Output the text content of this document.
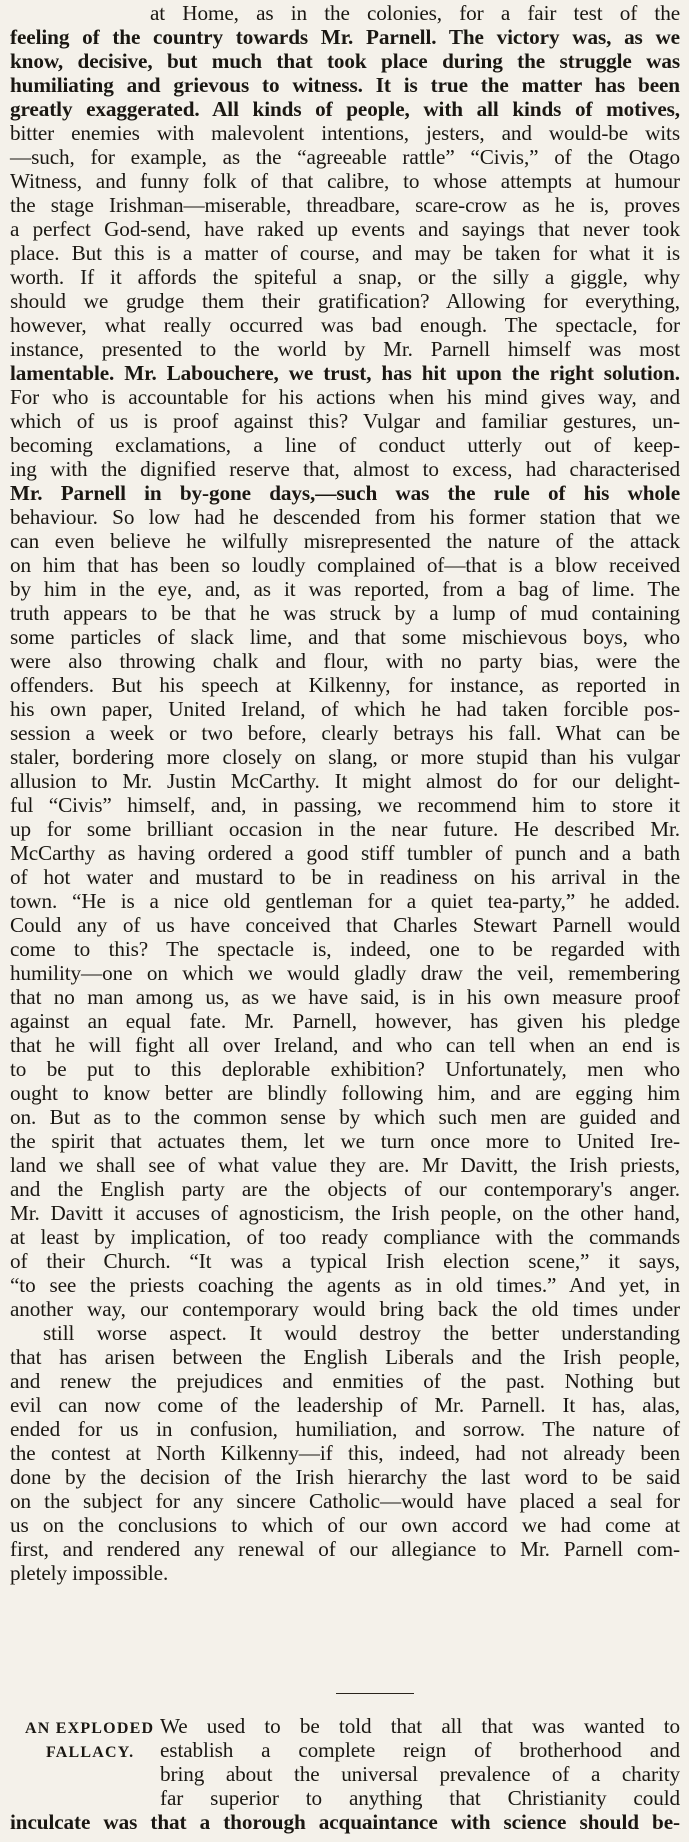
at Home, as in the colonies, for a fair test of the
feeling of the country towards Mr. Parnell. The victory was, as we
know, decisive, but much that took place during the struggle was
humiliating and grievous to witness. It is true the matter has been
greatly exaggerated. All kinds of people, with all kinds of motives,
bitter enemies with malevolent intentions, jesters, and would-be wits
—such, for example, as the “agreeable rattle” “Civis,” of the Otago
Witness, and funny folk of that calibre, to whose attempts at humour
the stage Irishman—miserable, threadbare, scare-crow as he is, proves
a perfect God-send, have raked up events and sayings that never took
place. But this is a matter of course, and may be taken for what it is
worth. If it affords the spiteful a snap, or the silly a giggle, why
should we grudge them their gratification? Allowing for everything,
however, what really occurred was bad enough. The spectacle, for
instance, presented to the world by Mr. Parnell himself was most
lamentable. Mr. Labouchere, we trust, has hit upon the right solution.
For who is accountable for his actions when his mind gives way, and
which of us is proof against this? Vulgar and familiar gestures, un-
becoming exclamations, a line of conduct utterly out of keep-
ing with the dignified reserve that, almost to excess, had characterised
Mr. Parnell in by-gone days,—such was the rule of his whole
behaviour. So low had he descended from his former station that we
can even believe he wilfully misrepresented the nature of the attack
on him that has been so loudly complained of—that is a blow received
by him in the eye, and, as it was reported, from a bag of lime. The
truth appears to be that he was struck by a lump of mud containing
some particles of slack lime, and that some mischievous boys, who
were also throwing chalk and flour, with no party bias, were the
offenders. But his speech at Kilkenny, for instance, as reported in
his own paper, United Ireland, of which he had taken forcible pos-
session a week or two before, clearly betrays his fall. What can be
staler, bordering more closely on slang, or more stupid than his vulgar
allusion to Mr. Justin McCarthy. It might almost do for our delight-
ful “Civis” himself, and, in passing, we recommend him to store it
up for some brilliant occasion in the near future. He described Mr.
McCarthy as having ordered a good stiff tumbler of punch and a bath
of hot water and mustard to be in readiness on his arrival in the
town. “He is a nice old gentleman for a quiet tea-party,” he added.
Could any of us have conceived that Charles Stewart Parnell would
come to this? The spectacle is, indeed, one to be regarded with
humility—one on which we would gladly draw the veil, remembering
that no man among us, as we have said, is in his own measure proof
against an equal fate. Mr. Parnell, however, has given his pledge
that he will fight all over Ireland, and who can tell when an end is
to be put to this deplorable exhibition? Unfortunately, men who
ought to know better are blindly following him, and are egging him
on. But as to the common sense by which such men are guided and
the spirit that actuates them, let we turn once more to United Ire-
land we shall see of what value they are. Mr Davitt, the Irish priests,
and the English party are the objects of our contemporary's anger.
Mr. Davitt it accuses of agnosticism, the Irish people, on the other hand,
at least by implication, of too ready compliance with the commands
of their Church. “It was a typical Irish election scene,” it says,
“to see the priests coaching the agents as in old times.” And yet, in
another way, our contemporary would bring back the old times under
still worse aspect. It would destroy the better understanding
that has arisen between the English Liberals and the Irish people,
and renew the prejudices and enmities of the past. Nothing but
evil can now come of the leadership of Mr. Parnell. It has, alas,
ended for us in confusion, humiliation, and sorrow. The nature of
the contest at North Kilkenny—if this, indeed, had not already been
done by the decision of the Irish hierarchy the last word to be said
on the subject for any sincere Catholic—would have placed a seal for
us on the conclusions to which of our own accord we had come at
first, and rendered any renewal of our allegiance to Mr. Parnell com-
pletely impossible.
AN EXPLODED
FALLACY.
We used to be told that all that was wanted to
establish a complete reign of brotherhood and
bring about the universal prevalence of a charity
far superior to anything that Christianity could
inculcate was that a thorough acquaintance with science should be-
